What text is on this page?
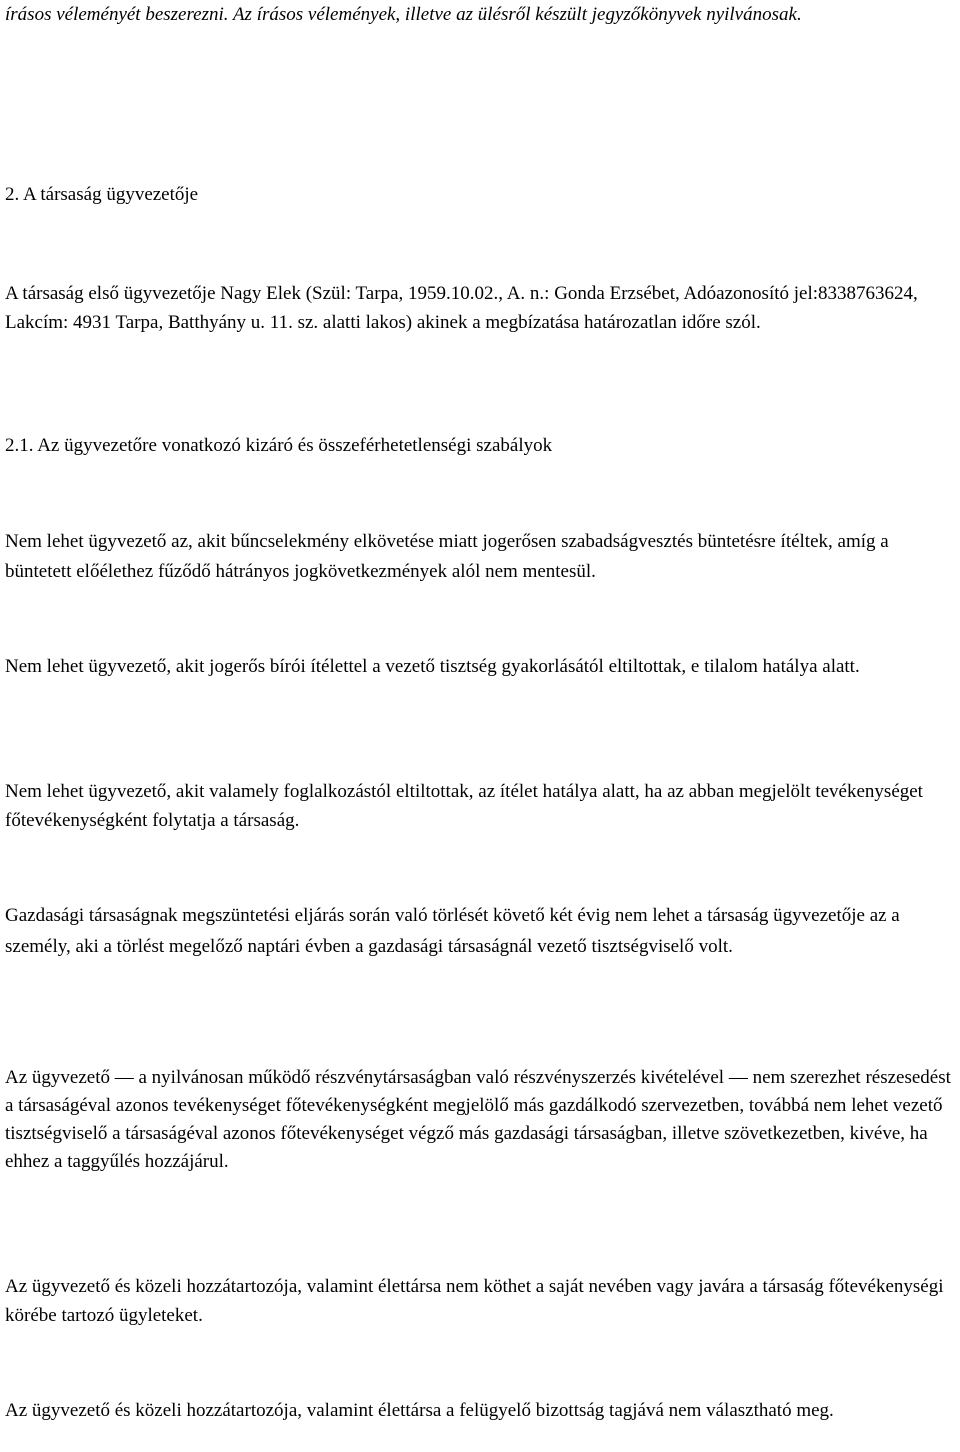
írásos véleményét beszerezni. Az írásos vélemények, illetve az ülésről készült jegyzőkönyvek nyilvánosak.

2. A társaság ügyvezetője

A társaság első ügyvezetője Nagy Elek (Szül: Tarpa, 1959.10.02., A. n.: Gonda Erzsébet, Adóazonosító jel:8338763624, Lakcím: 4931 Tarpa, Batthyány u. 11. sz. alatti lakos) akinek a megbízatása határozatlan időre szól.

2.1. Az ügyvezetőre vonatkozó kizáró és összeférhetetlenségi szabályok

Nem lehet ügyvezető az, akit bűncselekmény elkövetése miatt jogerősen szabadságvesztés büntetésre ítéltek, amíg a büntetett előélethez fűződő hátrányos jogkövetkezmények alól nem mentesül.

Nem lehet ügyvezető, akit jogerős bírói ítélettel a vezető tisztség gyakorlásától eltiltottak, e tilalom hatálya alatt.

Nem lehet ügyvezető, akit valamely foglalkozástól eltiltottak, az ítélet hatálya alatt, ha az abban megjelölt tevékenységet főtevékenységként folytatja a társaság.

Gazdasági társaságnak megszüntetési eljárás során való törlését követő két évig nem lehet a társaság ügyvezetője az a személy, aki a törlést megelőző naptári évben a gazdasági társaságnál vezető tisztségviselő volt.

Az ügyvezető — a nyilvánosan működő részvénytársaságban való részvényszerzés kivételével — nem szerezhet részesedést a társaságéval azonos tevékenységet főtevékenységként megjelölő más gazdálkodó szervezetben, továbbá nem lehet vezető tisztségviselő a társaságéval azonos főtevékenységet végző más gazdasági társaságban, illetve szövetkezetben, kivéve, ha ehhez a taggyűlés hozzájárul.

Az ügyvezető és közeli hozzátartozója, valamint élettársa nem köthet a saját nevében vagy javára a társaság főtevékenységi körébe tartozó ügyleteket.

Az ügyvezető és közeli hozzátartozója, valamint élettársa a felügyelő bizottság tagjává nem választható meg.
